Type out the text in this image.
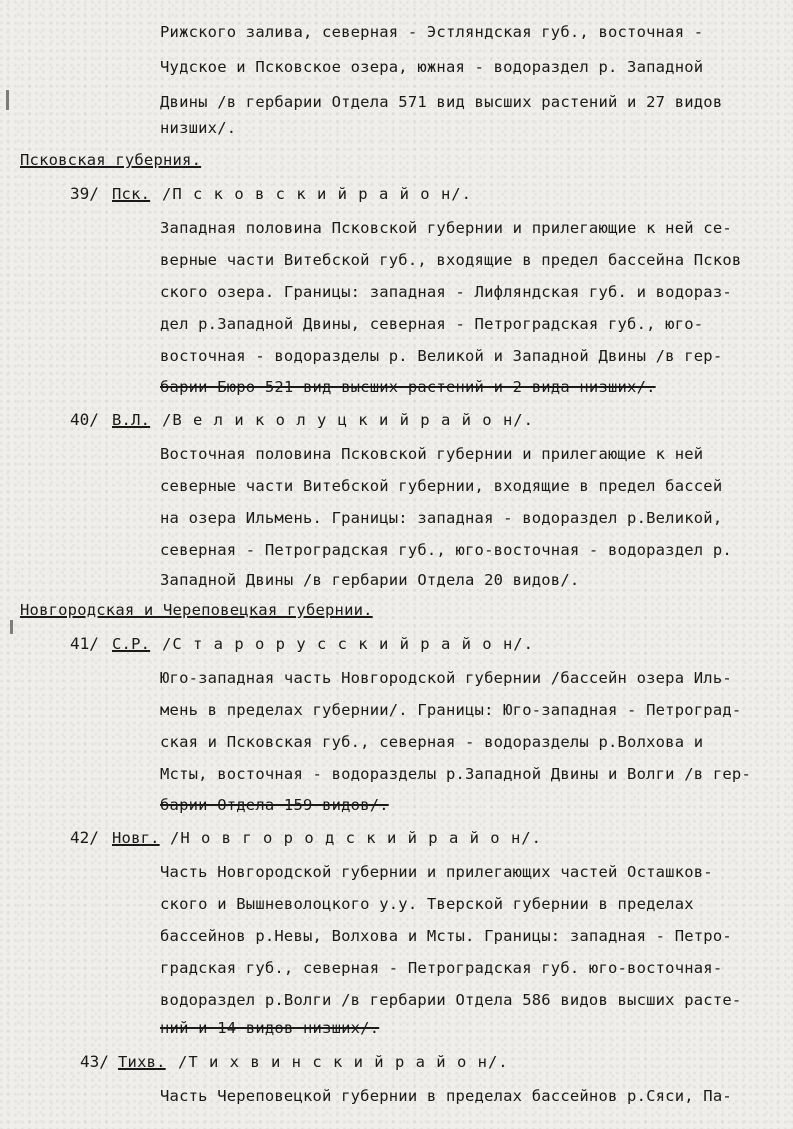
Рижского залива, северная - Эстляндская губ., восточная -
Чудское и Псковское озера, южная - водораздел р. Западной
Двины /в гербарии Отдела 571 вид высших растений и 27 видов
низших/.
Псковская губерния.
39/ Пск. /П с к о в с к и й р а й о н/.
Западная половина Псковской губернии и прилегающие к ней се-
верные части Витебской губ., входящие в предел бассейна Псков
ского озера. Границы: западная - Лифляндская губ. и водораз-
дел р.Западной Двины, северная - Петроградская губ., юго-
восточная - водоразделы р. Великой и Западной Двины /в гер-
барии Бюро 521 вид высших растений и 2 вида низших/.
40/ В.Л. /В е л и к о л у ц к и й р а й о н/.
Восточная половина Псковской губернии и прилегающие к ней
северные части Витебской губернии, входящие в предел бассей
на озера Ильмень. Границы: западная - водораздел р.Великой,
северная - Петроградская губ., юго-восточная - водораздел р.
Западной Двины /в гербарии Отдела 20 видов/.
Новгородская и Череповецкая губернии.
41/ С.Р. /С т а р о р у с с к и й р а й о н/.
Юго-западная часть Новгородской губернии /бассейн озера Иль-
мень в пределах губернии/. Границы: Юго-западная - Петроград-
ская и Псковская губ., северная - водоразделы р.Волхова и
Мсты, восточная - водоразделы р.Западной Двины и Волги /в гер-
барии Отдела 159 видов/.
42/ Новг. /Н о в г о р о д с к и й р а й о н/.
Часть Новгородской губернии и прилегающих частей Осташков-
ского и Вышневолоцкого у.у. Тверской губернии в пределах
бассейнов р.Невы, Волхова и Мсты. Границы: западная - Петро-
градская губ., северная - Петроградская губ. юго-восточная-
водораздел р.Волги /в гербарии Отдела 586 видов высших расте-
ний и 14 видов низших/.
43/ Тихв. /Т и х в и н с к и й р а й о н/.
Часть Череповецкой губернии в пределах бассейнов р.Сяси, Па-
